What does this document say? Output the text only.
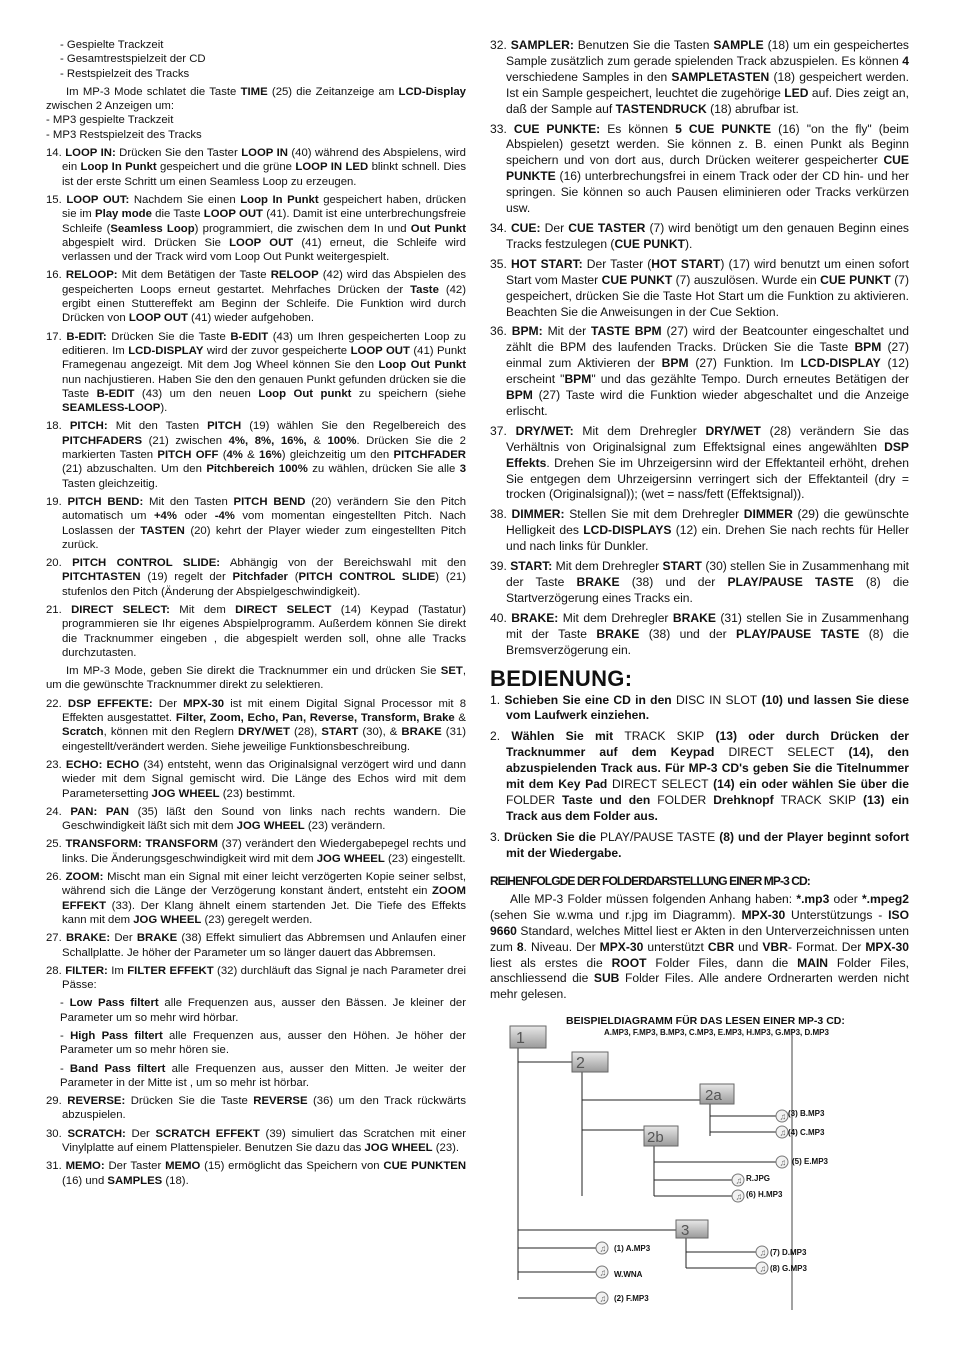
- Gespielte Trackzeit

- Gesamtrestspielzeit der CD

- Restspielzeit des Tracks

Im MP-3 Mode schlatet die Taste TIME (25) die Zeitanzeige am LCD-Display zwischen 2 Anzeigen um:

- MP3 gespielte Trackzeit

- MP3 Restspielzeit des Tracks

14. LOOP IN: Drücken Sie den Taster LOOP IN (40) während des Abspielens, wird ein Loop In Punkt gespeichert und die grüne LOOP IN LED blinkt schnell. Dies ist der erste Schritt um einen Seamless Loop zu erzeugen.

15. LOOP OUT: Nachdem Sie einen Loop In Punkt gespeichert haben, drücken sie im Play mode die Taste LOOP OUT (41). Damit ist eine unterbrechungsfreie Schleife (Seamless Loop) programmiert, die zwischen dem In und Out Punkt abgespielt wird. Drücken Sie LOOP OUT (41) erneut, die Schleife wird verlassen und der Track wird vom Loop Out Punkt weitergespielt.

16. RELOOP: Mit dem Betätigen der Taste RELOOP (42) wird das Abspielen des gespeicherten Loops erneut gestartet. Mehrfaches Drücken der Taste (42) ergibt einen Stuttereffekt am Beginn der Schleife. Die Funktion wird durch Drücken von LOOP OUT (41) wieder aufgehoben.

17. B-EDIT: Drücken Sie die Taste B-EDIT (43) um Ihren gespeicherten Loop zu editieren. Im LCD-DISPLAY wird der zuvor gespeicherte LOOP OUT (41) Punkt Framegenau angezeigt. Mit dem Jog Wheel können Sie den Loop Out Punkt nun nachjustieren. Haben Sie den den genauen Punkt gefunden drücken sie die Taste B-EDIT (43) um den neuen Loop Out punkt zu speichern (siehe SEAMLESS-LOOP).

18. PITCH: Mit den Tasten PITCH (19) wählen Sie den Regelbereich des PITCHFADERS (21) zwischen 4%, 8%, 16%, & 100%. Drücken Sie die 2 markierten Tasten PITCH OFF (4% & 16%) gleichzeitig um den PITCHFADER (21) abzuschalten. Um den Pitchbereich 100% zu wählen, drücken Sie alle 3 Tasten gleichzeitig.

19. PITCH BEND: Mit den Tasten PITCH BEND (20) verändern Sie den Pitch automatisch um +4% oder -4% vom momentan eingestellten Pitch. Nach Loslassen der TASTEN (20) kehrt der Player wieder zum eingestellten Pitch zurück.

20. PITCH CONTROL SLIDE: Abhängig von der Bereichswahl mit den PITCHTASTEN (19) regelt der Pitchfader (PITCH CONTROL SLIDE) (21) stufenlos den Pitch (Änderung der Abspielgeschwindigkeit).

21. DIRECT SELECT: Mit dem DIRECT SELECT (14) Keypad (Tastatur) programmieren sie Ihr eigenes Abspielprogramm. Außerdem können Sie direkt die Tracknummer eingeben , die abgespielt werden soll, ohne alle Tracks durchzutasten.

Im MP-3 Mode, geben Sie direkt die Tracknummer ein und drücken Sie SET, um die gewünschte Tracknummer direkt zu selektieren.

22. DSP EFFEKTE: Der MPX-30 ist mit einem Digital Signal Processor mit 8 Effekten ausgestattet. Filter, Zoom, Echo, Pan, Reverse, Transform, Brake & Scratch, können mit den Reglern DRY/WET (28), START (30), & BRAKE (31) eingestellt/verändert werden. Siehe jeweilige Funktionsbeschreibung.

23. ECHO: ECHO (34) entsteht, wenn das Originalsignal verzögert wird und dann wieder mit dem Signal gemischt wird. Die Länge des Echos wird mit dem Parametersetting JOG WHEEL (23) bestimmt.

24. PAN: PAN (35) läßt den Sound von links nach rechts wandern. Die Geschwindigkeit läßt sich mit dem JOG WHEEL (23) verändern.

25. TRANSFORM: TRANSFORM (37) verändert den Wiedergabepegel rechts und links. Die Änderungsgeschwindigkeit wird mit dem JOG WHEEL (23) eingestellt.

26. ZOOM: Mischt man ein Signal mit einer leicht verzögerten Kopie seiner selbst, während sich die Länge der Verzögerung konstant ändert, entsteht ein ZOOM EFFEKT (33). Der Klang ähnelt einem startenden Jet. Die Tiefe des Effekts kann mit dem JOG WHEEL (23) geregelt werden.

27. BRAKE: Der BRAKE (38) Effekt simuliert das Abbremsen und Anlaufen einer Schallplatte. Je höher der Parameter um so länger dauert das Abbremsen.

28. FILTER: Im FILTER EFFEKT (32) durchläuft das Signal je nach Parameter drei Pässe:

- Low Pass filtert alle Frequenzen aus, ausser den Bässen. Je kleiner der Parameter um so mehr wird hörbar.

- High Pass filtert alle Frequenzen aus, ausser den Höhen. Je höher der Parameter um so mehr hören sie.

- Band Pass filtert alle Frequenzen aus, ausser den Mitten. Je weiter der Parameter in der Mitte ist , um so mehr ist hörbar.

29. REVERSE: Drücken Sie die Taste REVERSE (36) um den Track rückwärts abzuspielen.

30. SCRATCH: Der SCRATCH EFFEKT (39) simuliert das Scratchen mit einer Vinylplatte auf einem Plattenspieler. Benutzen Sie dazu das JOG WHEEL (23).

31. MEMO: Der Taster MEMO (15) ermöglicht das Speichern von CUE PUNKTEN (16) und SAMPLES (18).

32. SAMPLER: Benutzen Sie die Tasten SAMPLE (18) um ein gespeichertes Sample zusätzlich zum gerade spielenden Track abzuspielen. Es können 4 verschiedene Samples in den SAMPLETASTEN (18) gespeichert werden. Ist ein Sample gespeichert, leuchtet die zugehörige LED auf. Dies zeigt an, daß der Sample auf TASTENDRUCK (18) abrufbar ist.

33. CUE PUNKTE: Es können 5 CUE PUNKTE (16) "on the fly" (beim Abspielen) gesetzt werden. Sie können z. B. einen Punkt als Beginn speichern und von dort aus, durch Drücken weiterer gespeicherter CUE PUNKTE (16) unterbrechungsfrei in einem Track oder der CD hin- und her springen. Sie können so auch Pausen eliminieren oder Tracks verkürzen usw.

34. CUE: Der CUE TASTER (7) wird benötigt um den genauen Beginn eines Tracks festzulegen (CUE PUNKT).

35. HOT START: Der Taster (HOT START) (17) wird benutzt um einen sofort Start vom Master CUE PUNKT (7) auszulösen. Wurde ein CUE PUNKT (7) gespeichert, drücken Sie die Taste Hot Start um die Funktion zu aktivieren. Beachten Sie die Anweisungen in der Cue Sektion.

36. BPM: Mit der TASTE BPM (27) wird der Beatcounter eingeschaltet und zählt die BPM des laufenden Tracks. Drücken Sie die Taste BPM (27) einmal zum Aktivieren der BPM (27) Funktion. Im LCD-DISPLAY (12) erscheint "BPM" und das gezählte Tempo. Durch erneutes Betätigen der BPM (27) Taste wird die Funktion wieder abgeschaltet und die Anzeige erlischt.

37. DRY/WET: Mit dem Drehregler DRY/WET (28) verändern Sie das Verhältnis von Originalsignal zum Effektsignal eines angewählten DSP Effekts. Drehen Sie im Uhrzeigersinn wird der Effektanteil erhöht, drehen Sie entgegen dem Uhrzeigersinn verringert sich der Effektanteil (dry = trocken (Originalsignal)); (wet = nass/fett (Effektsignal)).

38. DIMMER: Stellen Sie mit dem Drehregler DIMMER (29) die gewünschte Helligkeit des LCD-DISPLAYS (12) ein. Drehen Sie nach rechts für Heller und nach links für Dunkler.

39. START: Mit dem Drehregler START (30) stellen Sie in Zusammenhang mit der Taste BRAKE (38) und der PLAY/PAUSE TASTE (8) die Startverzögerung eines Tracks ein.

40. BRAKE: Mit dem Drehregler BRAKE (31) stellen Sie in Zusammenhang mit der Taste BRAKE (38) und der PLAY/PAUSE TASTE (8) die Bremsverzögerung ein.

BEDIENUNG:

1. Schieben Sie eine CD in den DISC IN SLOT (10) und lassen Sie diese vom Laufwerk einziehen.

2. Wählen Sie mit TRACK SKIP (13) oder durch Drücken der Tracknummer auf dem Keypad DIRECT SELECT (14), den abzuspielenden Track aus. Für MP-3 CD's geben Sie die Titelnummer mit dem Key Pad DIRECT SELECT (14) ein oder wählen Sie über die FOLDER Taste und den FOLDER Drehknopf TRACK SKIP (13) ein Track aus dem Folder aus.

3. Drücken Sie die PLAY/PAUSE TASTE (8) und der Player beginnt sofort mit der Wiedergabe.

REIHENFOLGDE DER FOLDERDARSTELLUNG EINER MP-3 CD:

Alle MP-3 Folder müssen folgenden Anhang haben: *.mp3 oder *.mpeg2 (sehen Sie w.wma und r.jpg im Diagramm). MPX-30 Unterstützungs - ISO 9660 Standard, welches Mittel liest er Akten in den Unterverzeichnissen unten zum 8. Niveau. Der MPX-30 unterstützt CBR und VBR- Format. Der MPX-30 liest als erstes die ROOT Folder Files, dann die MAIN Folder Files, anschliessend die SUB Folder Files. Alle andere Ordnerarten werden nicht mehr gelesen.

BEISPIELDIAGRAMM FÜR DAS LESEN EINER MP-3 CD:
A.MP3, F.MP3, B.MP3, C.MP3, E.MP3, H.MP3, G.MP3, D.MP3
1
2
2a
2b
3
♫
♫
♫
♫
♫
♫
♫
♫
♫
♫
(3) B.MP3
(4) C.MP3
(5) E.MP3
R.JPG
(6) H.MP3
(1) A.MP3
W.WNA
(2) F.MP3
(7) D.MP3
(8) G.MP3
